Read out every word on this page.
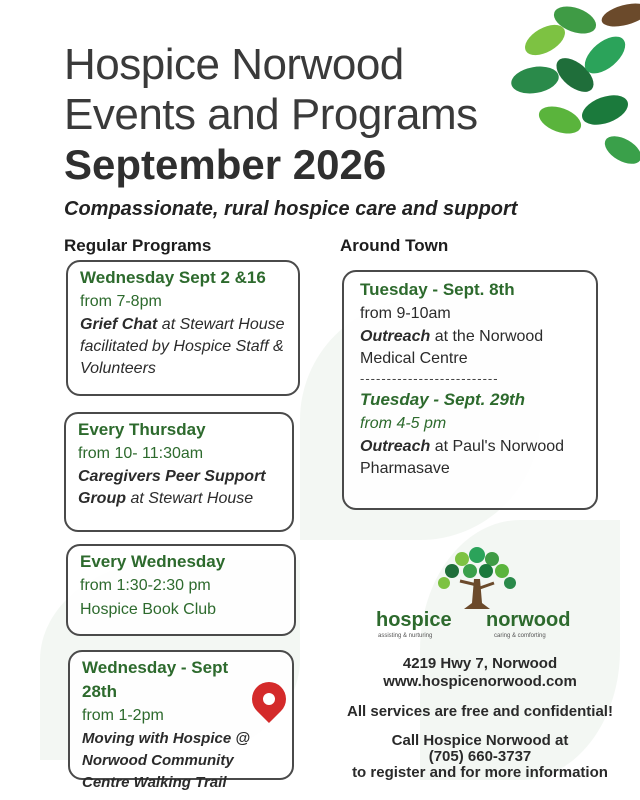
Hospice Norwood
Events and Programs
September 2026
Compassionate, rural hospice care and support
Regular Programs	Around Town
Wednesday Sept 2 &16
from 7-8pm
Grief Chat at Stewart House facilitated by Hospice Staff & Volunteers
Every Thursday
from 10- 11:30am
Caregivers Peer Support Group at Stewart House
Every Wednesday
from 1:30-2:30 pm
Hospice Book Club
Wednesday - Sept 28th
from 1-2pm
Moving with Hospice @ Norwood Community Centre Walking Trail
Tuesday - Sept. 8th
from 9-10am
Outreach at the Norwood Medical Centre
--------------------------
Tuesday - Sept. 29th
from 4-5 pm
Outreach at Paul's Norwood Pharmasave
hospice norwood
assisting & nurturing	caring & comforting
4219 Hwy 7, Norwood
www.hospicenorwood.com
All services are free and confidential!
Call Hospice Norwood at
(705) 660-3737
to register and for more information
